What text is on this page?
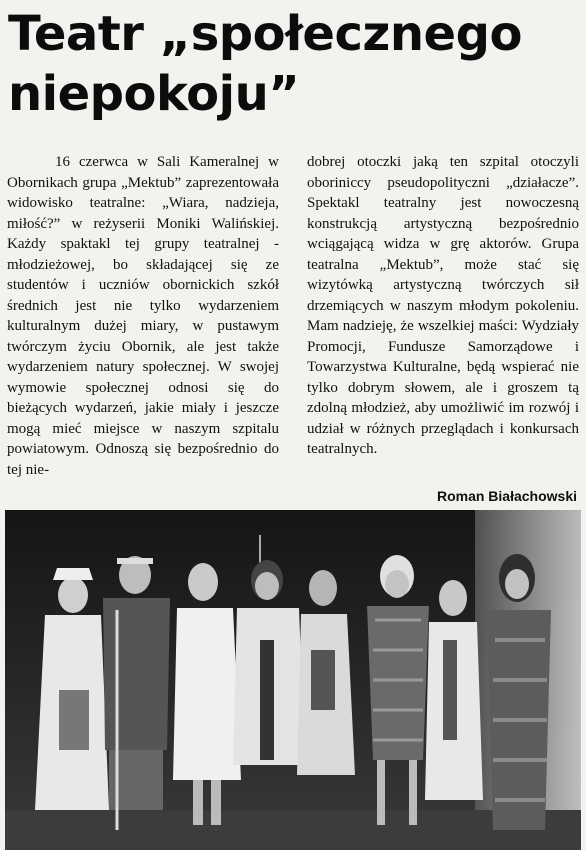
Teatr „społecznego
niepokoju”

16 czerwca w Sali Kameralnej w Obornikach grupa „Mektub” zaprezentowała widowisko teatralne: „Wiara, nadzieja, miłość?” w reżyserii Moniki Walińskiej. Każdy spaktakl tej grupy teatralnej - młodzieżowej, bo składającej się ze studentów i uczniów obornickich szkół średnich jest nie tylko wydarzeniem kulturalnym dużej miary, w pustawym twórczym życiu Obornik, ale jest także wydarzeniem natury społecznej. W swojej wymowie społecznej odnosi się do bieżących wydarzeń, jakie miały i jeszcze mogą mieć miejsce w naszym szpitalu powiatowym. Odnoszą się bezpośrednio do tej nie-

dobrej otoczki jaką ten szpital otoczyli oboriniccy pseudopolityczni „działacze”. Spektakl teatralny jest nowoczesną konstrukcją artystyczną bezpośrednio wciągającą widza w grę aktorów. Grupa teatralna „Mektub”, może stać się wizytówką artystyczną twórczych sił drzemiących w naszym młodym pokoleniu. Mam nadzieję, że wszelkiej maści: Wydziały Promocji, Fundusze Samorządowe i Towarzystwa Kulturalne, będą wspierać nie tylko dobrym słowem, ale i groszem tą zdolną młodzież, aby umożliwić im rozwój i udział w różnych przeglądach i konkursach teatralnych.

Roman Białachowski
